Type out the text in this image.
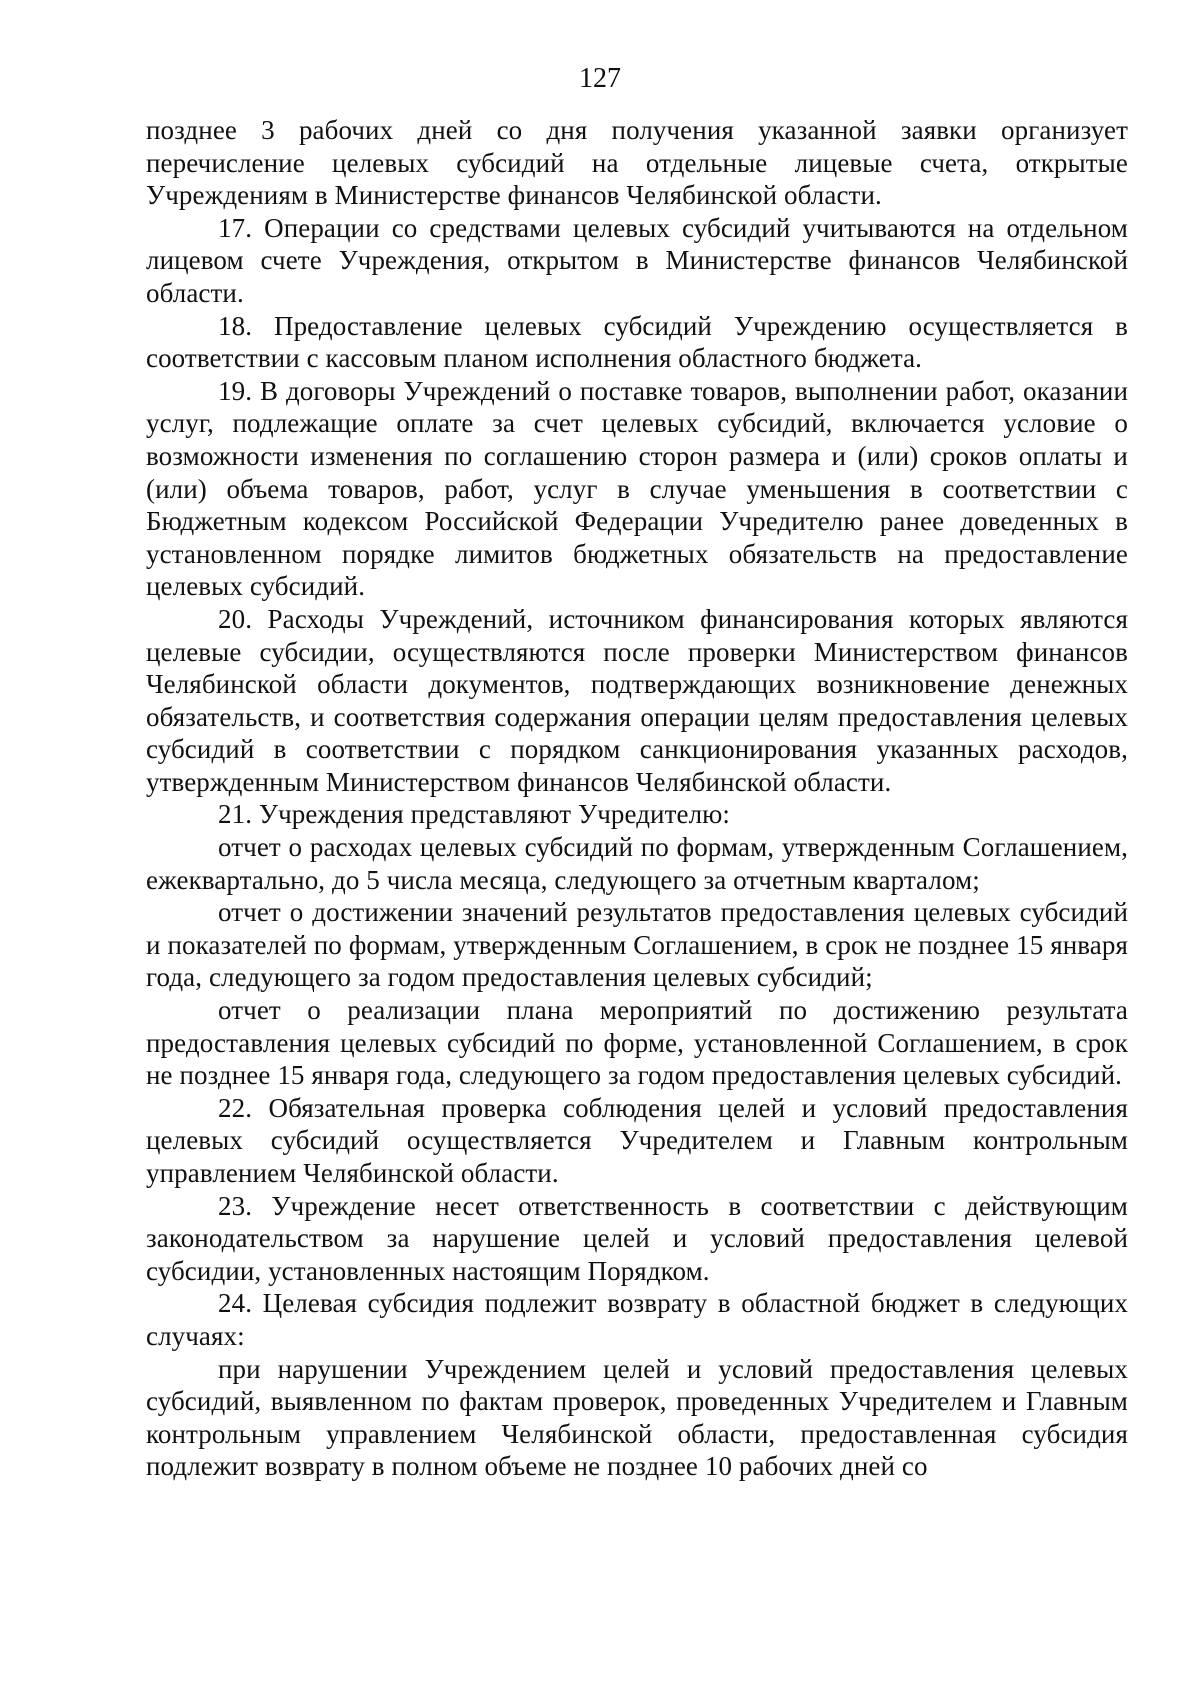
127

позднее 3 рабочих дней со дня получения указанной заявки организует перечисление целевых субсидий на отдельные лицевые счета, открытые Учреждениям в Министерстве финансов Челябинской области.

17. Операции со средствами целевых субсидий учитываются на отдельном лицевом счете Учреждения, открытом в Министерстве финансов Челябинской области.

18. Предоставление целевых субсидий Учреждению осуществляется в соответствии с кассовым планом исполнения областного бюджета.

19. В договоры Учреждений о поставке товаров, выполнении работ, оказании услуг, подлежащие оплате за счет целевых субсидий, включается условие о возможности изменения по соглашению сторон размера и (или) сроков оплаты и (или) объема товаров, работ, услуг в случае уменьшения в соответствии с Бюджетным кодексом Российской Федерации Учредителю ранее доведенных в установленном порядке лимитов бюджетных обязательств на предоставление целевых субсидий.

20. Расходы Учреждений, источником финансирования которых являются целевые субсидии, осуществляются после проверки Министерством финансов Челябинской области документов, подтверждающих возникновение денежных обязательств, и соответствия содержания операции целям предоставления целевых субсидий в соответствии с порядком санкционирования указанных расходов, утвержденным Министерством финансов Челябинской области.

21. Учреждения представляют Учредителю:

отчет о расходах целевых субсидий по формам, утвержденным Соглашением, ежеквартально, до 5 числа месяца, следующего за отчетным кварталом;

отчет о достижении значений результатов предоставления целевых субсидий и показателей по формам, утвержденным Соглашением, в срок не позднее 15 января года, следующего за годом предоставления целевых субсидий;

отчет о реализации плана мероприятий по достижению результата предоставления целевых субсидий по форме, установленной Соглашением, в срок не позднее 15 января года, следующего за годом предоставления целевых субсидий.

22. Обязательная проверка соблюдения целей и условий предоставления целевых субсидий осуществляется Учредителем и Главным контрольным управлением Челябинской области.

23. Учреждение несет ответственность в соответствии с действующим законодательством за нарушение целей и условий предоставления целевой субсидии, установленных настоящим Порядком.

24. Целевая субсидия подлежит возврату в областной бюджет в следующих случаях:

при нарушении Учреждением целей и условий предоставления целевых субсидий, выявленном по фактам проверок, проведенных Учредителем и Главным контрольным управлением Челябинской области, предоставленная субсидия подлежит возврату в полном объеме не позднее 10 рабочих дней со
